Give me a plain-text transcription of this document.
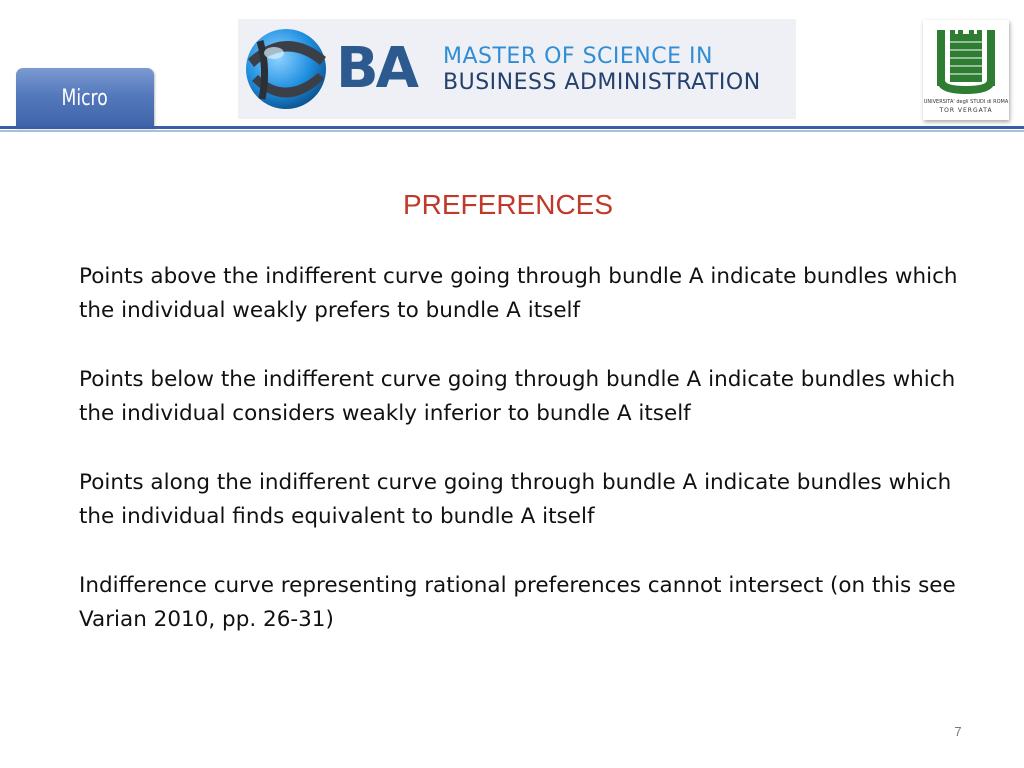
Micro	BA MASTER OF SCIENCE IN
BUSINESS ADMINISTRATION
UNIVERSITA' degli STUDI di ROMA
TOR VERGATA
PREFERENCES

Points above the indifferent curve going through bundle A indicate bundles which the individual weakly prefers to bundle A itself

Points below the indifferent curve going through bundle A indicate bundles which the individual considers weakly inferior to bundle A itself

Points along the indifferent curve going through bundle A indicate bundles which the individual finds equivalent to bundle A itself

Indifference curve representing rational preferences cannot intersect (on this see Varian 2010, pp. 26-31)

7
